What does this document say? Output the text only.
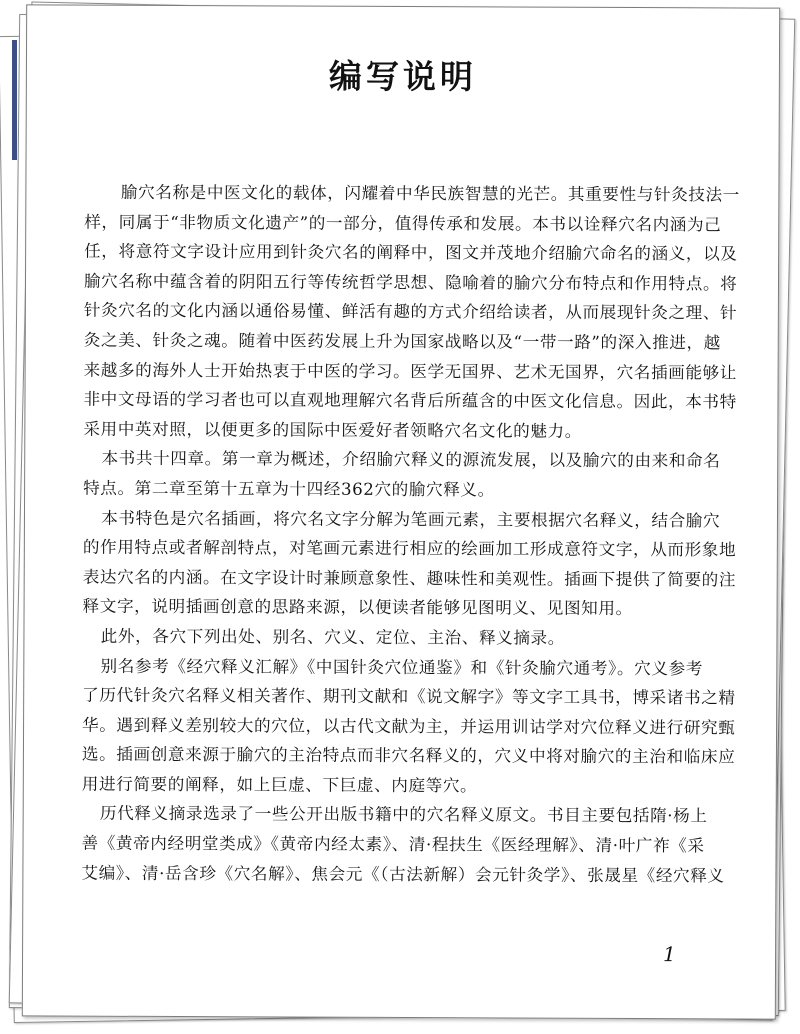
编写说明
腧穴名称是中医文化的载体，闪耀着中华民族智慧的光芒。其重要性与针灸技法一
样，同属于“非物质文化遗产”的一部分，值得传承和发展。本书以诠释穴名内涵为己
任，将意符文字设计应用到针灸穴名的阐释中，图文并茂地介绍腧穴命名的涵义，以及
腧穴名称中蕴含着的阴阳五行等传统哲学思想、隐喻着的腧穴分布特点和作用特点。将
针灸穴名的文化内涵以通俗易懂、鲜活有趣的方式介绍给读者，从而展现针灸之理、针
灸之美、针灸之魂。随着中医药发展上升为国家战略以及“一带一路”的深入推进，越
来越多的海外人士开始热衷于中医的学习。医学无国界、艺术无国界，穴名插画能够让
非中文母语的学习者也可以直观地理解穴名背后所蕴含的中医文化信息。因此，本书特
采用中英对照，以便更多的国际中医爱好者领略穴名文化的魅力。
本书共十四章。第一章为概述，介绍腧穴释义的源流发展，以及腧穴的由来和命名
特点。第二章至第十五章为十四经362穴的腧穴释义。
本书特色是穴名插画，将穴名文字分解为笔画元素，主要根据穴名释义，结合腧穴
的作用特点或者解剖特点，对笔画元素进行相应的绘画加工形成意符文字，从而形象地
表达穴名的内涵。在文字设计时兼顾意象性、趣味性和美观性。插画下提供了简要的注
释文字，说明插画创意的思路来源，以便读者能够见图明义、见图知用。
此外，各穴下列出处、别名、穴义、定位、主治、释义摘录。
别名参考《经穴释义汇解》《中国针灸穴位通鉴》和《针灸腧穴通考》。穴义参考
了历代针灸穴名释义相关著作、期刊文献和《说文解字》等文字工具书，博采诸书之精
华。遇到释义差别较大的穴位，以古代文献为主，并运用训诂学对穴位释义进行研究甄
选。插画创意来源于腧穴的主治特点而非穴名释义的，穴义中将对腧穴的主治和临床应
用进行简要的阐释，如上巨虚、下巨虚、内庭等穴。
历代释义摘录选录了一些公开出版书籍中的穴名释义原文。书目主要包括隋·杨上
善《黄帝内经明堂类成》《黄帝内经太素》、清·程扶生《医经理解》、清·叶广祚《采
艾编》、清·岳含珍《穴名解》、焦会元《（古法新解）会元针灸学》、张晟星《经穴释义
1
